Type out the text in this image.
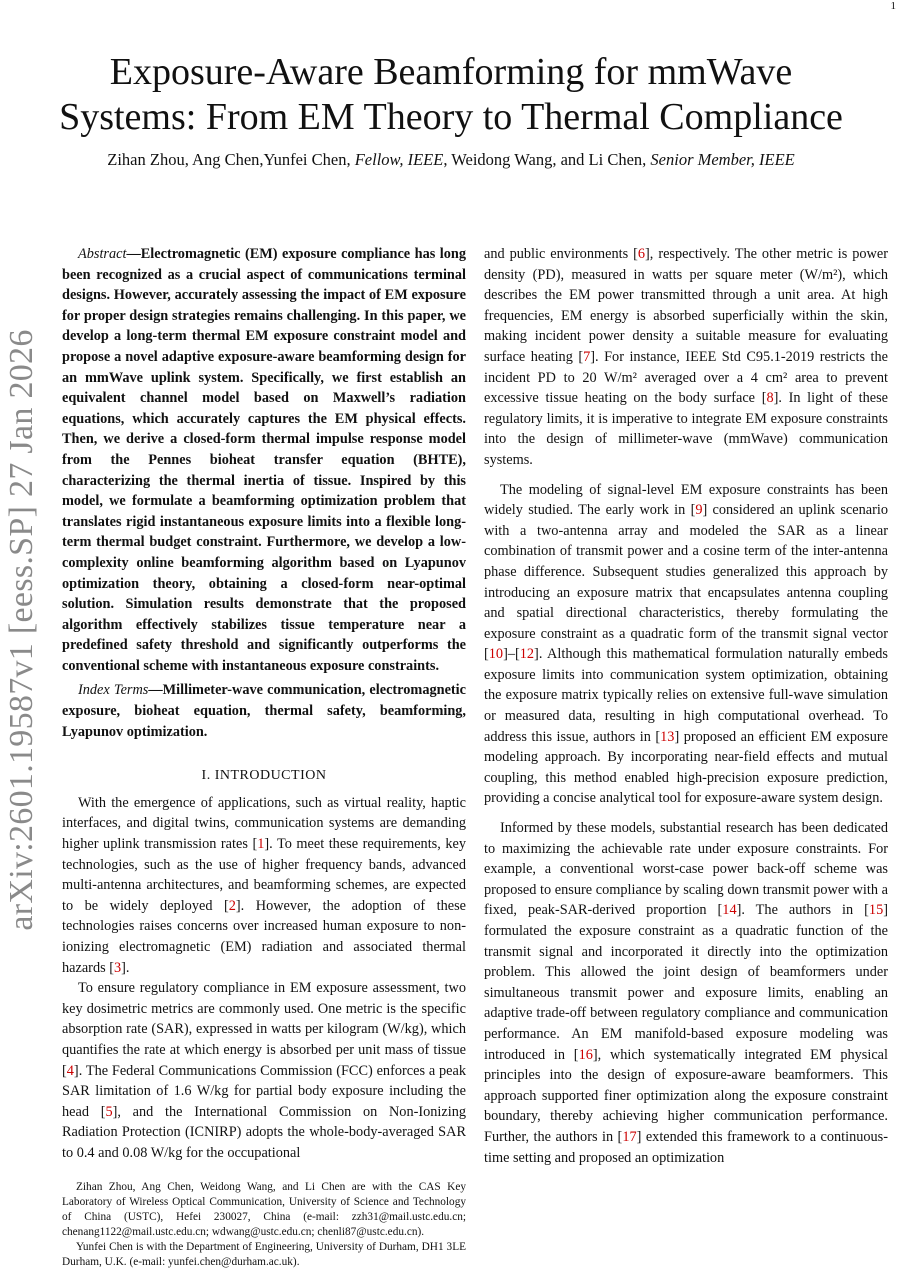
1
arXiv:2601.19587v1 [eess.SP] 27 Jan 2026
Exposure-Aware Beamforming for mmWave
Systems: From EM Theory to Thermal Compliance
Zihan Zhou, Ang Chen,Yunfei Chen, Fellow, IEEE, Weidong Wang, and Li Chen, Senior Member, IEEE

Abstract—Electromagnetic (EM) exposure compliance has long been recognized as a crucial aspect of communications terminal designs. However, accurately assessing the impact of EM exposure for proper design strategies remains challenging. In this paper, we develop a long-term thermal EM exposure constraint model and propose a novel adaptive exposure-aware beamforming design for an mmWave uplink system. Specifically, we first establish an equivalent channel model based on Maxwell’s radiation equations, which accurately captures the EM physical effects. Then, we derive a closed-form thermal impulse response model from the Pennes bioheat transfer equation (BHTE), characterizing the thermal inertia of tissue. Inspired by this model, we formulate a beamforming optimization problem that translates rigid instantaneous exposure limits into a flexible long-term thermal budget constraint. Furthermore, we develop a low-complexity online beamforming algorithm based on Lyapunov optimization theory, obtaining a closed-form near-optimal solution. Simulation results demonstrate that the proposed algorithm effectively stabilizes tissue temperature near a predefined safety threshold and significantly outperforms the conventional scheme with instantaneous exposure constraints.

Index Terms—Millimeter-wave communication, electromagnetic exposure, bioheat equation, thermal safety, beamforming, Lyapunov optimization.

I. INTRODUCTION

With the emergence of applications, such as virtual reality, haptic interfaces, and digital twins, communication systems are demanding higher uplink transmission rates [1]. To meet these requirements, key technologies, such as the use of higher frequency bands, advanced multi-antenna architectures, and beamforming schemes, are expected to be widely deployed [2]. However, the adoption of these technologies raises concerns over increased human exposure to non-ionizing electromagnetic (EM) radiation and associated thermal hazards [3].

To ensure regulatory compliance in EM exposure assessment, two key dosimetric metrics are commonly used. One metric is the specific absorption rate (SAR), expressed in watts per kilogram (W/kg), which quantifies the rate at which energy is absorbed per unit mass of tissue [4]. The Federal Communications Commission (FCC) enforces a peak SAR limitation of 1.6 W/kg for partial body exposure including the head [5], and the International Commission on Non-Ionizing Radiation Protection (ICNIRP) adopts the whole-body-averaged SAR to 0.4 and 0.08 W/kg for the occupational

Zihan Zhou, Ang Chen, Weidong Wang, and Li Chen are with the CAS Key Laboratory of Wireless Optical Communication, University of Science and Technology of China (USTC), Hefei 230027, China (e-mail: zzh31@mail.ustc.edu.cn; chenang1122@mail.ustc.edu.cn; wdwang@ustc.edu.cn; chenli87@ustc.edu.cn).

Yunfei Chen is with the Department of Engineering, University of Durham, DH1 3LE Durham, U.K. (e-mail: yunfei.chen@durham.ac.uk).

and public environments [6], respectively. The other metric is power density (PD), measured in watts per square meter (W/m²), which describes the EM power transmitted through a unit area. At high frequencies, EM energy is absorbed superficially within the skin, making incident power density a suitable measure for evaluating surface heating [7]. For instance, IEEE Std C95.1-2019 restricts the incident PD to 20 W/m² averaged over a 4 cm² area to prevent excessive tissue heating on the body surface [8]. In light of these regulatory limits, it is imperative to integrate EM exposure constraints into the design of millimeter-wave (mmWave) communication systems.

The modeling of signal-level EM exposure constraints has been widely studied. The early work in [9] considered an uplink scenario with a two-antenna array and modeled the SAR as a linear combination of transmit power and a cosine term of the inter-antenna phase difference. Subsequent studies generalized this approach by introducing an exposure matrix that encapsulates antenna coupling and spatial directional characteristics, thereby formulating the exposure constraint as a quadratic form of the transmit signal vector [10]–[12]. Although this mathematical formulation naturally embeds exposure limits into communication system optimization, obtaining the exposure matrix typically relies on extensive full-wave simulation or measured data, resulting in high computational overhead. To address this issue, authors in [13] proposed an efficient EM exposure modeling approach. By incorporating near-field effects and mutual coupling, this method enabled high-precision exposure prediction, providing a concise analytical tool for exposure-aware system design.

Informed by these models, substantial research has been dedicated to maximizing the achievable rate under exposure constraints. For example, a conventional worst-case power back-off scheme was proposed to ensure compliance by scaling down transmit power with a fixed, peak-SAR-derived proportion [14]. The authors in [15] formulated the exposure constraint as a quadratic function of the transmit signal and incorporated it directly into the optimization problem. This allowed the joint design of beamformers under simultaneous transmit power and exposure limits, enabling an adaptive trade-off between regulatory compliance and communication performance. An EM manifold-based exposure modeling was introduced in [16], which systematically integrated EM physical principles into the design of exposure-aware beamformers. This approach supported finer optimization along the exposure constraint boundary, thereby achieving higher communication performance. Further, the authors in [17] extended this framework to a continuous-time setting and proposed an optimization
